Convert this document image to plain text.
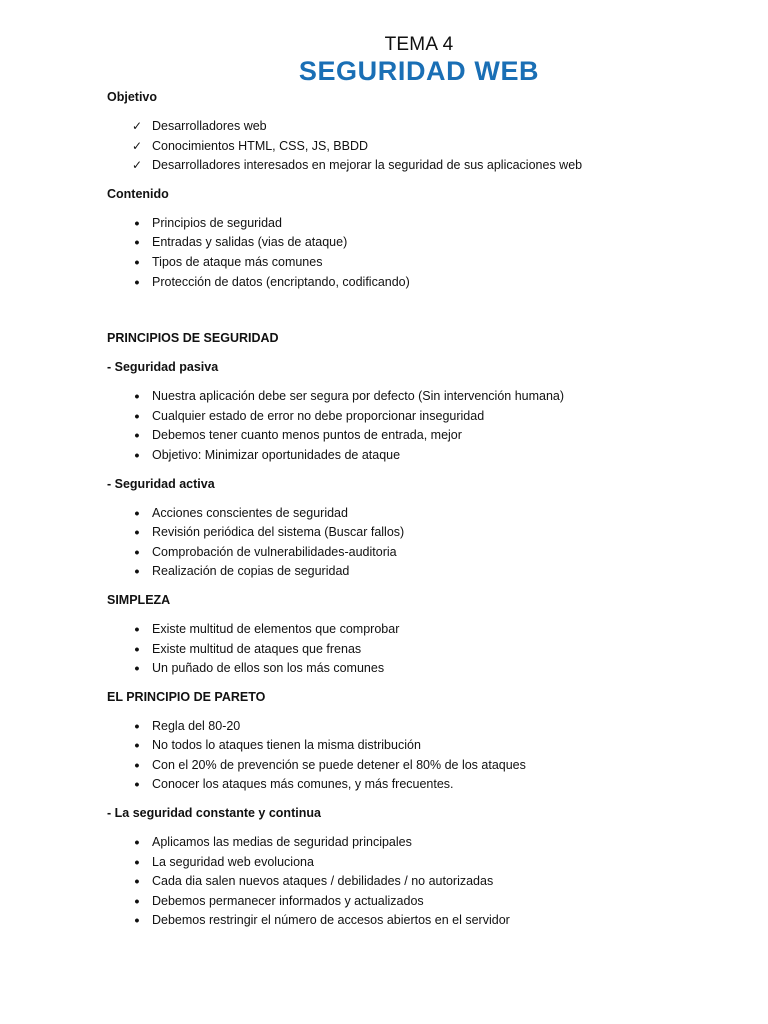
TEMA 4
SEGURIDAD WEB
Objetivo
✓ Desarrolladores web
✓ Conocimientos HTML, CSS, JS, BBDD
✓ Desarrolladores interesados en mejorar la seguridad de sus aplicaciones web
Contenido
•	Principios de seguridad
•	Entradas y salidas (vias de ataque)
•	Tipos de ataque más comunes
•	Protección de datos (encriptando, codificando)
PRINCIPIOS DE SEGURIDAD
- Seguridad pasiva
•	Nuestra aplicación debe ser segura por defecto (Sin intervención humana)
•	Cualquier estado de error no debe proporcionar inseguridad
•	Debemos tener cuanto menos puntos de entrada, mejor
•	Objetivo: Minimizar oportunidades de ataque
- Seguridad activa
•	Acciones conscientes de seguridad
•	Revisión periódica del sistema (Buscar fallos)
•	Comprobación de vulnerabilidades-auditoria
•	Realización de copias de seguridad
SIMPLEZA
•	Existe multitud de elementos que comprobar
•	Existe multitud de ataques que frenas
•	Un puñado de ellos son los más comunes
EL PRINCIPIO DE PARETO
•	Regla del 80-20
•	No todos lo ataques tienen la misma distribución
•	Con el 20% de prevención se puede detener el 80% de los ataques
•	Conocer los ataques más comunes, y más frecuentes.
- La seguridad constante y continua
•	Aplicamos las medias de seguridad principales
•	La seguridad web evoluciona
•	Cada dia salen nuevos ataques / debilidades / no autorizadas
•	Debemos permanecer informados y actualizados
•	Debemos restringir el número de accesos abiertos en el servidor
